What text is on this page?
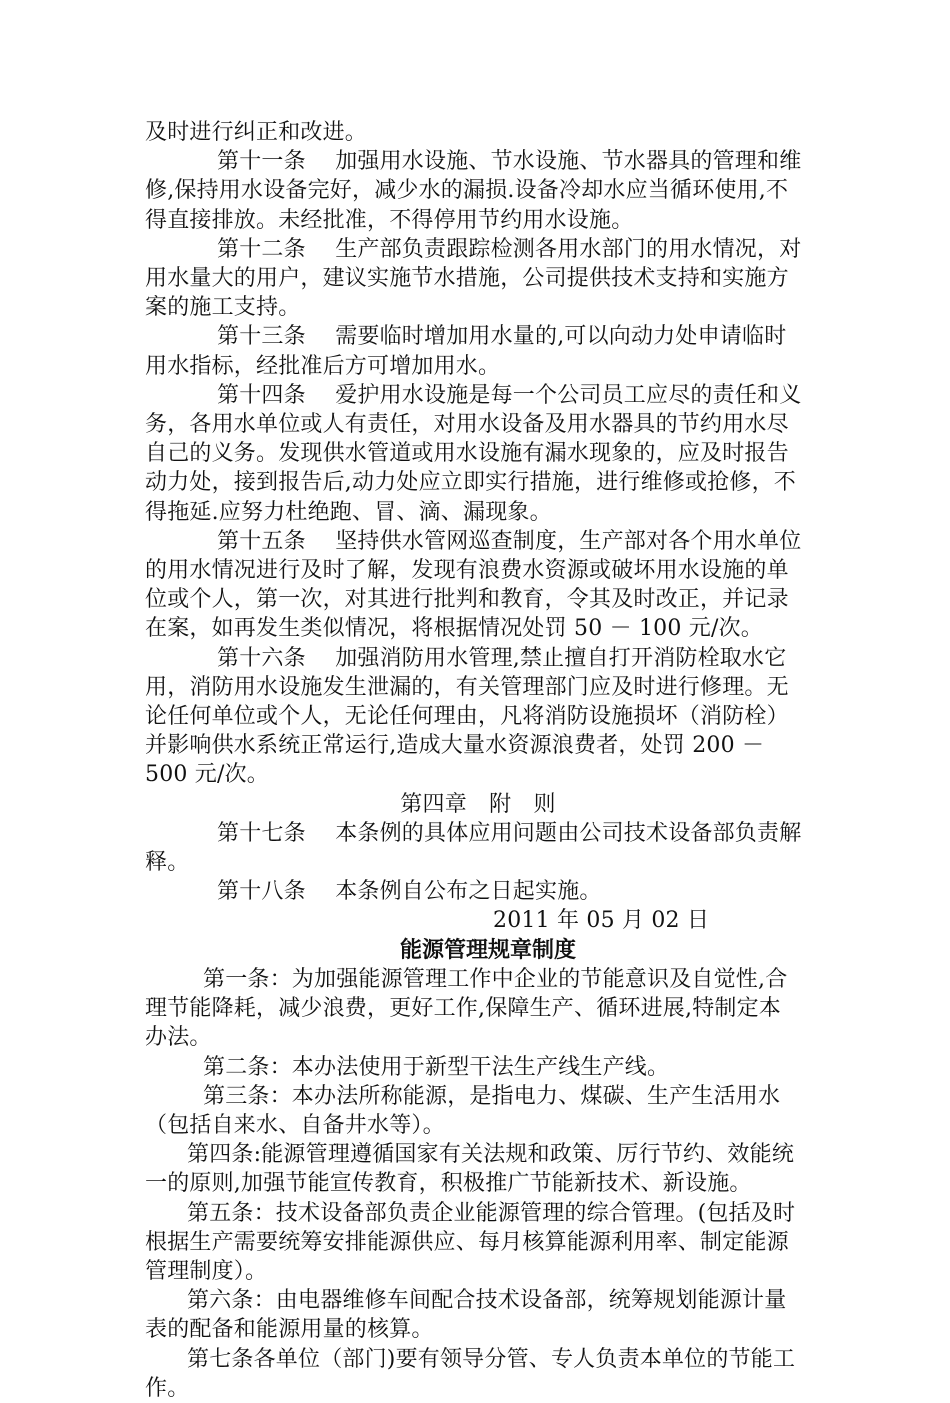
及时进行纠正和改进。
第十一条　 加强用水设施、节水设施、节水器具的管理和维
修,保持用水设备完好，减少水的漏损.设备冷却水应当循环使用,不
得直接排放。未经批准，不得停用节约用水设施。
第十二条　 生产部负责跟踪检测各用水部门的用水情况，对
用水量大的用户，建议实施节水措施，公司提供技术支持和实施方
案的施工支持。
第十三条　 需要临时增加用水量的,可以向动力处申请临时
用水指标，经批准后方可增加用水。
第十四条　 爱护用水设施是每一个公司员工应尽的责任和义
务，各用水单位或人有责任，对用水设备及用水器具的节约用水尽
自己的义务。发现供水管道或用水设施有漏水现象的，应及时报告
动力处，接到报告后,动力处应立即实行措施，进行维修或抢修，不
得拖延.应努力杜绝跑、冒、滴、漏现象。
第十五条　 坚持供水管网巡查制度，生产部对各个用水单位
的用水情况进行及时了解，发现有浪费水资源或破坏用水设施的单
位或个人，第一次，对其进行批判和教育，令其及时改正，并记录
在案，如再发生类似情况，将根据情况处罚 50 － 100 元/次。
第十六条　 加强消防用水管理,禁止擅自打开消防栓取水它
用，消防用水设施发生泄漏的，有关管理部门应及时进行修理。无
论任何单位或个人，无论任何理由，凡将消防设施损坏（消防栓）
并影响供水系统正常运行,造成大量水资源浪费者，处罚 200 －
500 元/次。
第四章　附　则
第十七条　 本条例的具体应用问题由公司技术设备部负责解
释。
第十八条　 本条例自公布之日起实施。
2011 年 05 月 02 日
能源管理规章制度
第一条：为加强能源管理工作中企业的节能意识及自觉性,合
理节能降耗，减少浪费，更好工作,保障生产、循环进展,特制定本
办法。
第二条：本办法使用于新型干法生产线生产线。
第三条：本办法所称能源，是指电力、煤碳、生产生活用水
（包括自来水、自备井水等）。
第四条:能源管理遵循国家有关法规和政策、厉行节约、效能统
一的原则,加强节能宣传教育，积极推广节能新技术、新设施。
第五条：技术设备部负责企业能源管理的综合管理。(包括及时
根据生产需要统筹安排能源供应、每月核算能源利用率、制定能源
管理制度）。
第六条：由电器维修车间配合技术设备部，统筹规划能源计量
表的配备和能源用量的核算。
第七条各单位（部门)要有领导分管、专人负责本单位的节能工
作。
